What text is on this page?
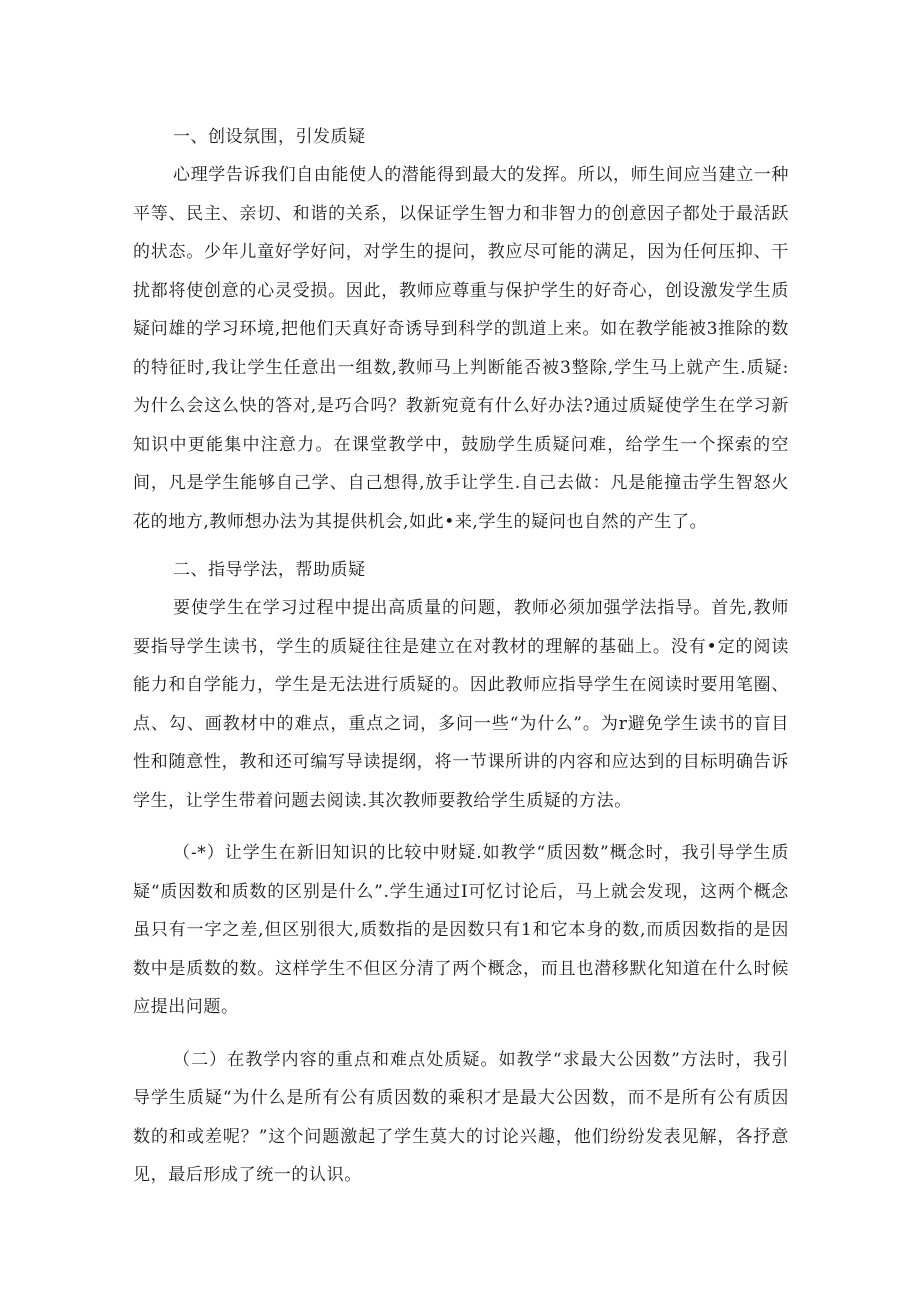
一、创设氛围，引发质疑

心理学告诉我们自由能使人的潜能得到最大的发挥。所以，师生间应当建立一种平等、民主、亲切、和谐的关系，以保证学生智力和非智力的创意因子都处于最活跃的状态。少年儿童好学好问，对学生的提问，教应尽可能的满足，因为任何压抑、干扰都将使创意的心灵受损。因此，教师应尊重与保护学生的好奇心，创设激发学生质疑问雄的学习环境,把他们天真好奇诱导到科学的凯道上来。如在教学能被3推除的数的特征时,我让学生任意出一组数,教师马上判断能否被3整除,学生马上就产生.质疑:为什么会这么快的答对,是巧合吗？教新宛竟有什么好办法?通过质疑使学生在学习新知识中更能集中注意力。在课堂教学中，鼓励学生质疑问难，给学生一个探索的空间，凡是学生能够自己学、自己想得,放手让学生.自己去做：凡是能撞击学生智怒火花的地方,教师想办法为其提供机会,如此•来,学生的疑问也自然的产生了。

二、指导学法，帮助质疑

要使学生在学习过程中提出高质量的问题，教师必须加强学法指导。首先,教师要指导学生读书，学生的质疑往往是建立在对教材的理解的基础上。没有•定的阅读能力和自学能力，学生是无法进行质疑的。因此教师应指导学生在阅读时要用笔圈、点、勾、画教材中的难点，重点之词，多问一些“为什么”。为r避免学生读书的盲目性和随意性，教和还可编写导读提纲，将一节课所讲的内容和应达到的目标明确告诉学生，让学生带着问题去阅读.其次教师要教给学生质疑的方法。

（-*）让学生在新旧知识的比较中财疑.如教学“质因数”概念时，我引导学生质疑“质因数和质数的区别是什么”.学生通过I可忆讨论后，马上就会发现，这两个概念虽只有一字之差,但区别很大,质数指的是因数只有1和它本身的数,而质因数指的是因数中是质数的数。这样学生不但区分清了两个概念，而且也潜移默化知道在什么时候应提出问题。

（二）在教学内容的重点和难点处质疑。如教学“求最大公因数”方法时，我引导学生质疑“为什么是所有公有质因数的乘积才是最大公因数，而不是所有公有质因数的和或差呢？”这个问题激起了学生莫大的讨论兴趣，他们纷纷发表见解，各抒意见，最后形成了统一的认识。
